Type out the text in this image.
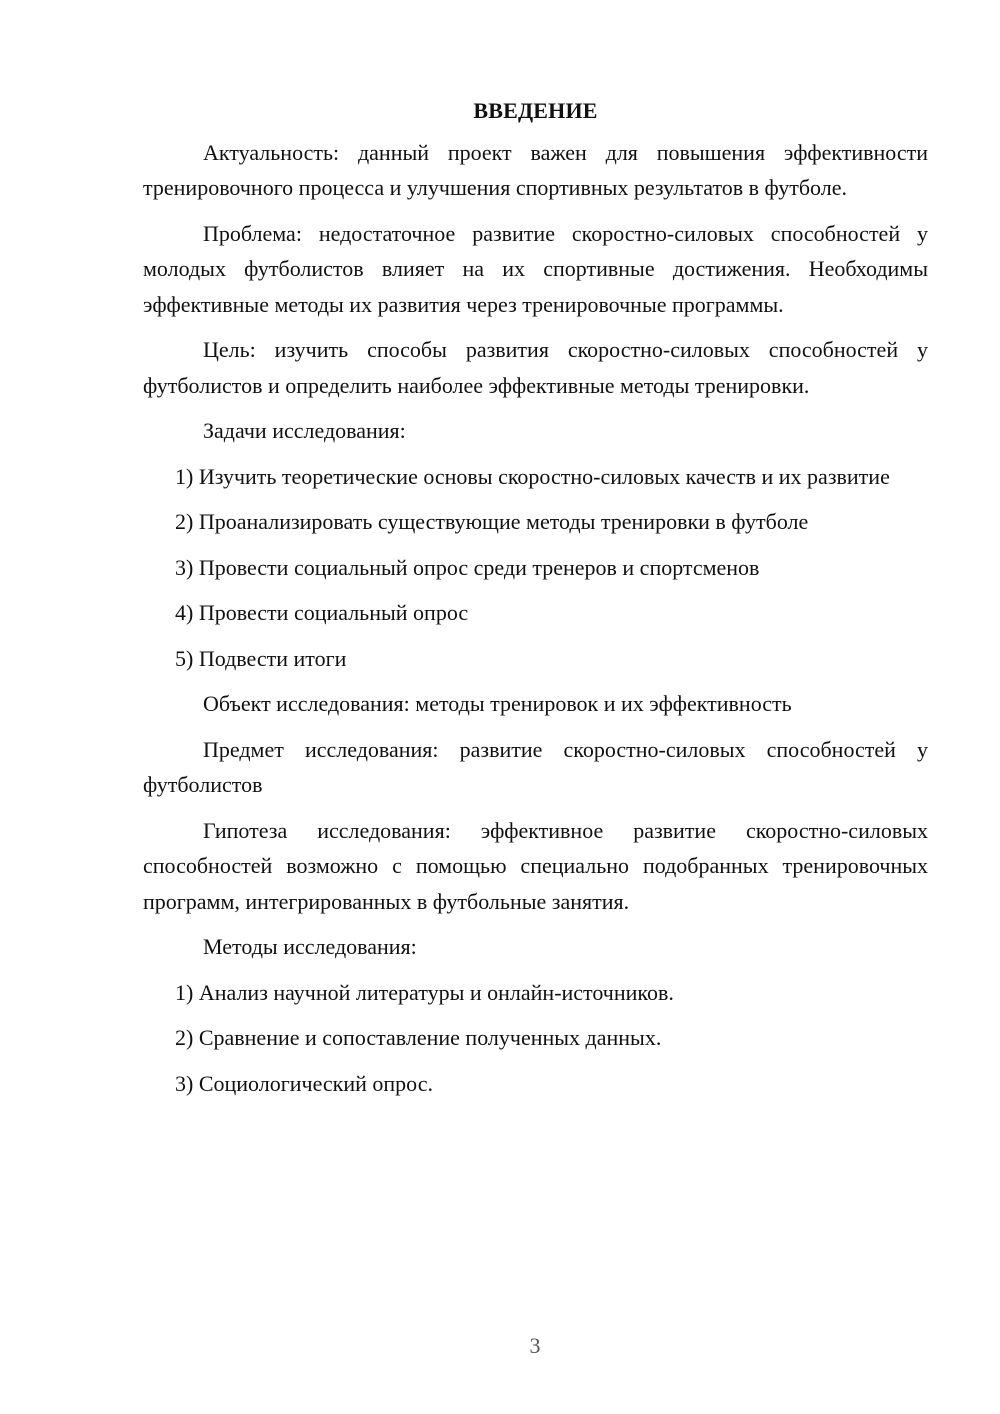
ВВЕДЕНИЕ

Актуальность: данный проект важен для повышения эффективности тренировочного процесса и улучшения спортивных результатов в футболе.

Проблема: недостаточное развитие скоростно-силовых способностей у молодых футболистов влияет на их спортивные достижения. Необходимы эффективные методы их развития через тренировочные программы.

Цель: изучить способы развития скоростно-силовых способностей у футболистов и определить наиболее эффективные методы тренировки.

Задачи исследования:

1) Изучить теоретические основы скоростно-силовых качеств и их развитие

2) Проанализировать существующие методы тренировки в футболе

3) Провести социальный опрос среди тренеров и спортсменов

4) Провести социальный опрос

5) Подвести итоги

Объект исследования: методы тренировок и их эффективность

Предмет исследования: развитие скоростно-силовых способностей у футболистов

Гипотеза исследования: эффективное развитие скоростно-силовых способностей возможно с помощью специально подобранных тренировочных программ, интегрированных в футбольные занятия.

Методы исследования:

1) Анализ научной литературы и онлайн-источников.

2) Сравнение и сопоставление полученных данных.

3) Социологический опрос.

3
